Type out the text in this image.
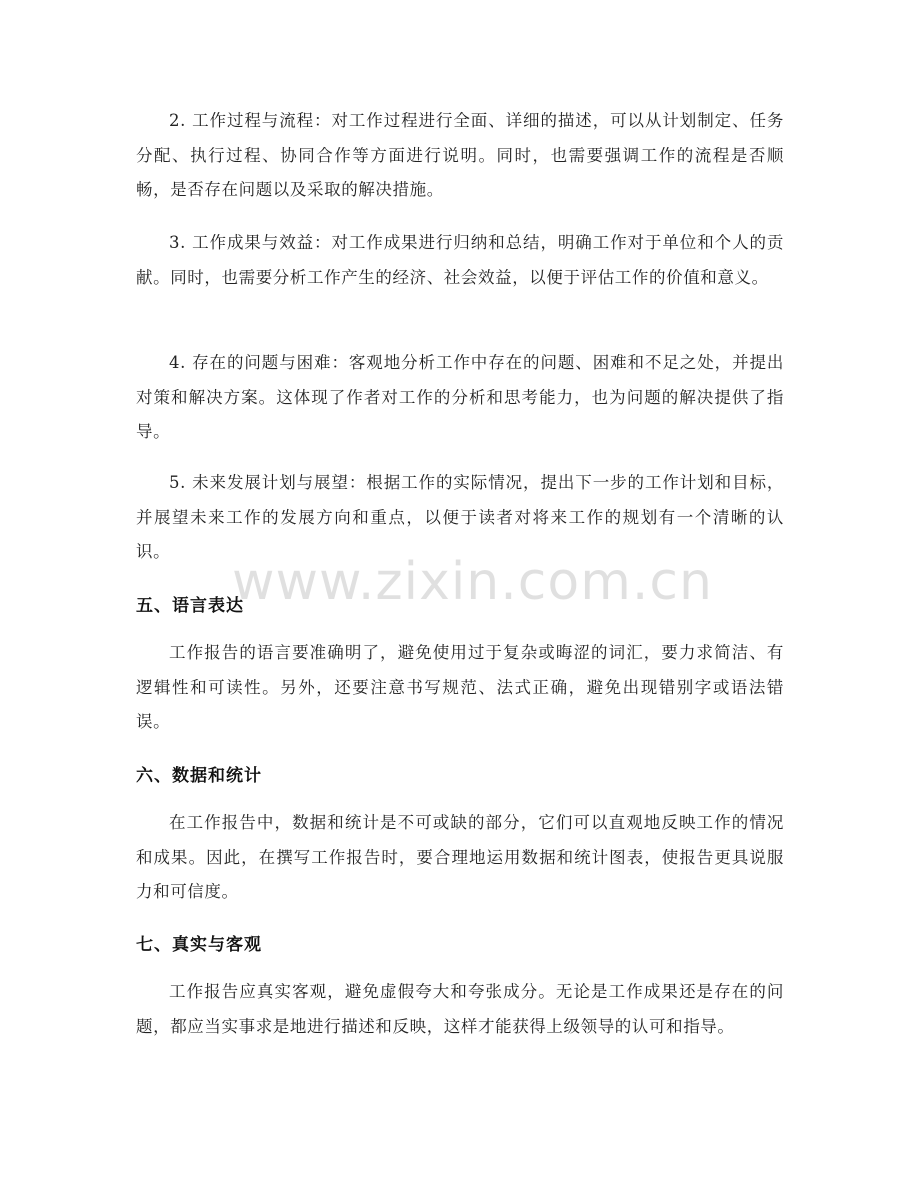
2. 工作过程与流程：对工作过程进行全面、详细的描述，可以从计划制定、任务分配、执行过程、协同合作等方面进行说明。同时，也需要强调工作的流程是否顺畅，是否存在问题以及采取的解决措施。

3. 工作成果与效益：对工作成果进行归纳和总结，明确工作对于单位和个人的贡献。同时，也需要分析工作产生的经济、社会效益，以便于评估工作的价值和意义。

4. 存在的问题与困难：客观地分析工作中存在的问题、困难和不足之处，并提出对策和解决方案。这体现了作者对工作的分析和思考能力，也为问题的解决提供了指导。

5. 未来发展计划与展望：根据工作的实际情况，提出下一步的工作计划和目标，并展望未来工作的发展方向和重点，以便于读者对将来工作的规划有一个清晰的认识。

www.zixin.com.cn
五、语言表达

工作报告的语言要准确明了，避免使用过于复杂或晦涩的词汇，要力求简洁、有逻辑性和可读性。另外，还要注意书写规范、法式正确，避免出现错别字或语法错误。

六、数据和统计

在工作报告中，数据和统计是不可或缺的部分，它们可以直观地反映工作的情况和成果。因此，在撰写工作报告时，要合理地运用数据和统计图表，使报告更具说服力和可信度。

七、真实与客观

工作报告应真实客观，避免虚假夸大和夸张成分。无论是工作成果还是存在的问题，都应当实事求是地进行描述和反映，这样才能获得上级领导的认可和指导。
